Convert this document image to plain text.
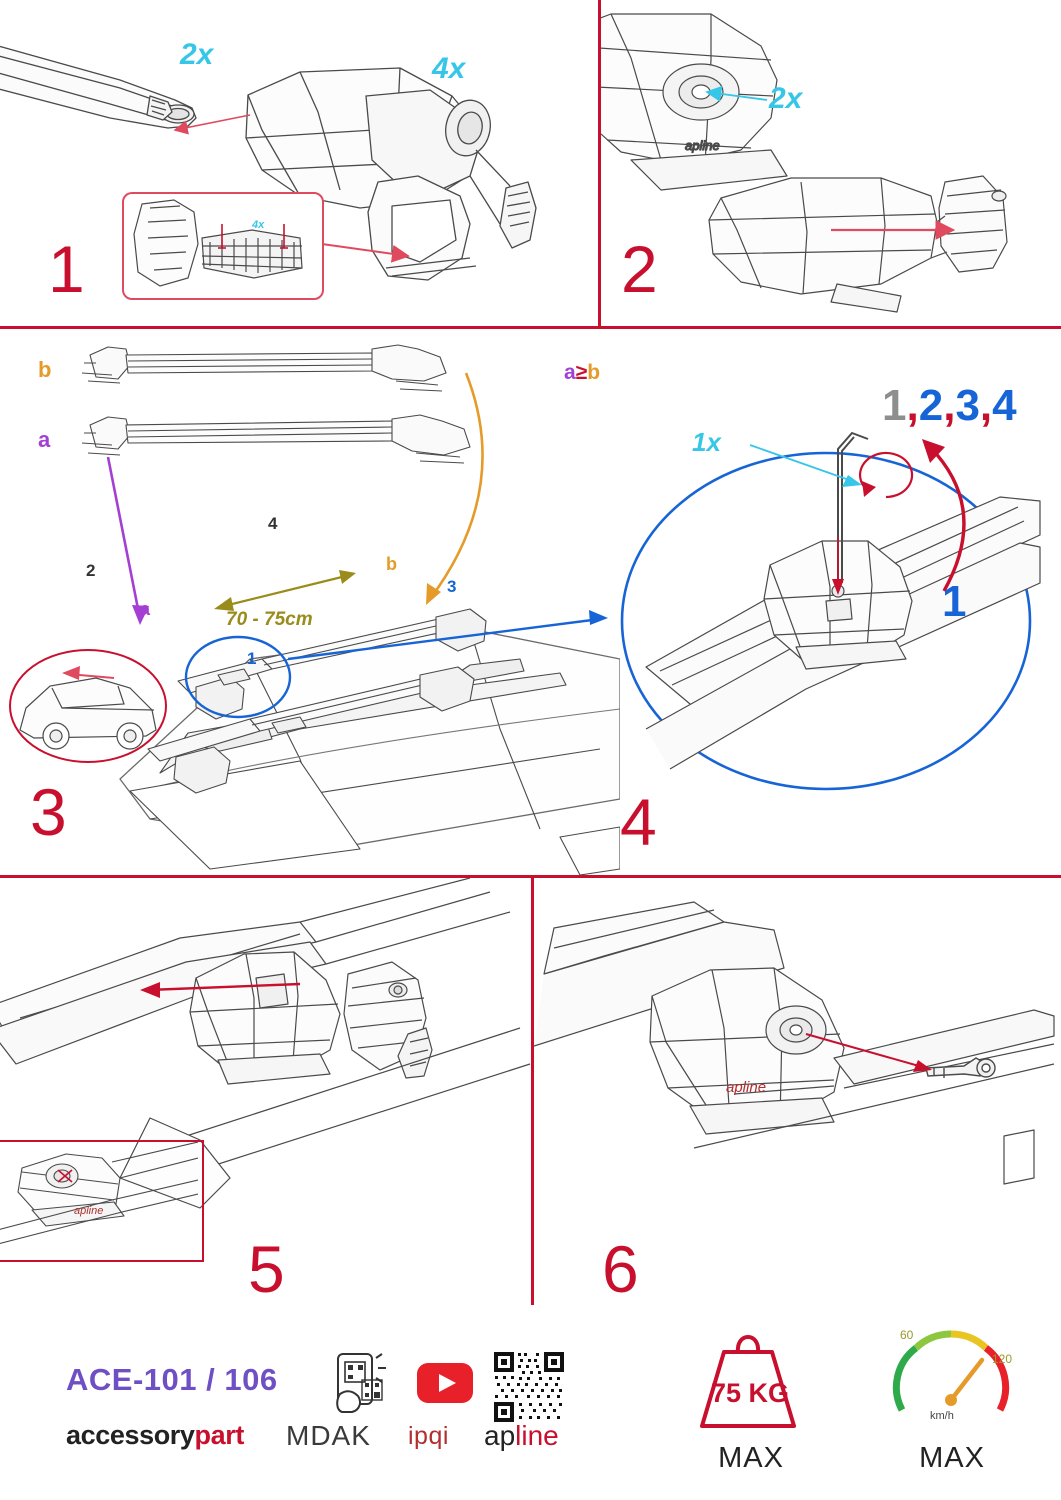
4x
2x	4x
1
apline
2x
2
b
a
a
b
70 - 75cm
1
2
3
4
3
1x
1,2,3,4
1
a≥b
4
apline
5
apline
6
ACE-101 / 106
accessorypart MDAK ipqi apline
75 KG
MAX
60
120
km/h
MAX
